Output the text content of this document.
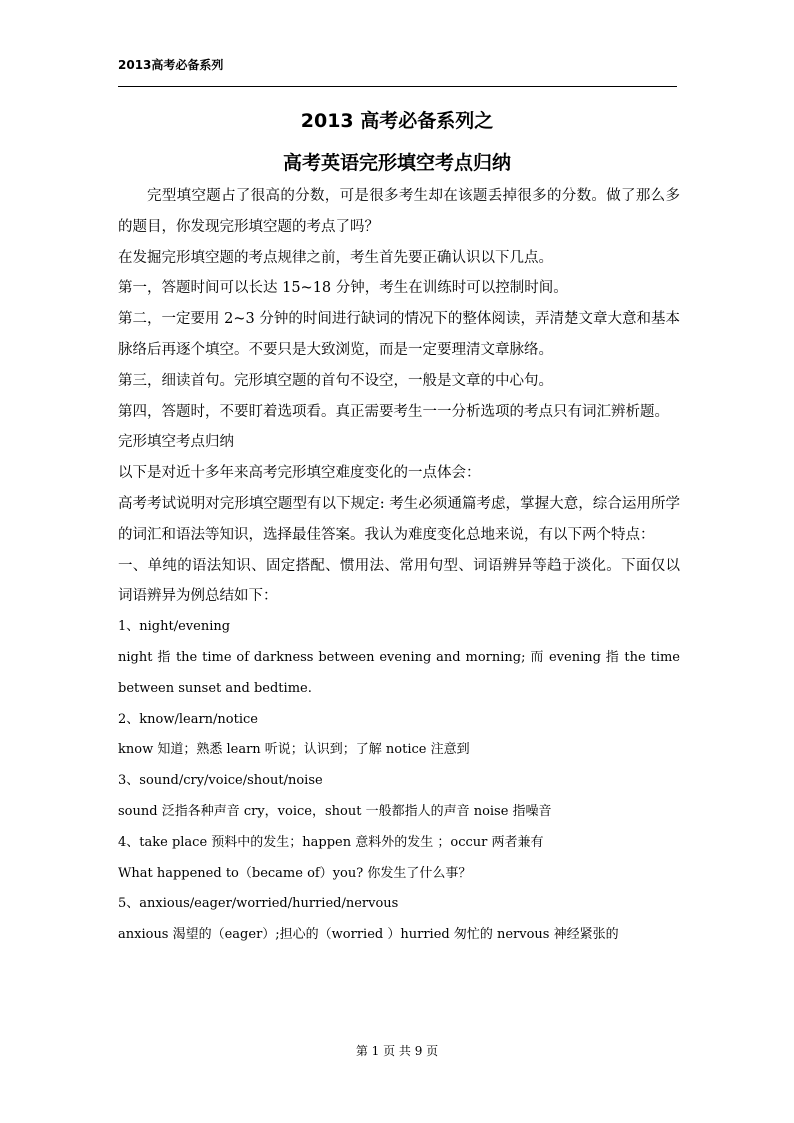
2013高考必备系列
2013 高考必备系列之
高考英语完形填空考点归纳

完型填空题占了很高的分数，可是很多考生却在该题丢掉很多的分数。做了那么多的题目，你发现完形填空题的考点了吗？

在发掘完形填空题的考点规律之前，考生首先要正确认识以下几点。

第一，答题时间可以长达 15~18 分钟，考生在训练时可以控制时间。

第二，一定要用 2~3 分钟的时间进行缺词的情况下的整体阅读，弄清楚文章大意和基本脉络后再逐个填空。不要只是大致浏览，而是一定要理清文章脉络。

第三，细读首句。完形填空题的首句不设空，一般是文章的中心句。

第四，答题时，不要盯着选项看。真正需要考生一一分析选项的考点只有词汇辨析题。

完形填空考点归纳

以下是对近十多年来高考完形填空难度变化的一点体会：

高考考试说明对完形填空题型有以下规定: 考生必须通篇考虑，掌握大意，综合运用所学的词汇和语法等知识，选择最佳答案。我认为难度变化总地来说，有以下两个特点：

一、单纯的语法知识、固定搭配、惯用法、常用句型、词语辨异等趋于淡化。下面仅以词语辨异为例总结如下：

1、night/evening

night 指 the time of darkness between evening and morning; 而 evening 指 the time between sunset and bedtime.

2、know/learn/notice

know 知道；熟悉 learn 听说；认识到；了解 notice 注意到

3、sound/cry/voice/shout/noise

sound 泛指各种声音 cry，voice，shout 一般都指人的声音 noise 指噪音

4、take place 预料中的发生；happen 意料外的发生 ；occur 两者兼有

What happened to（became of）you? 你发生了什么事？

5、anxious/eager/worried/hurried/nervous

anxious 渴望的（eager）;担心的（worried ）hurried 匆忙的 nervous 神经紧张的

第 1 页 共 9 页
